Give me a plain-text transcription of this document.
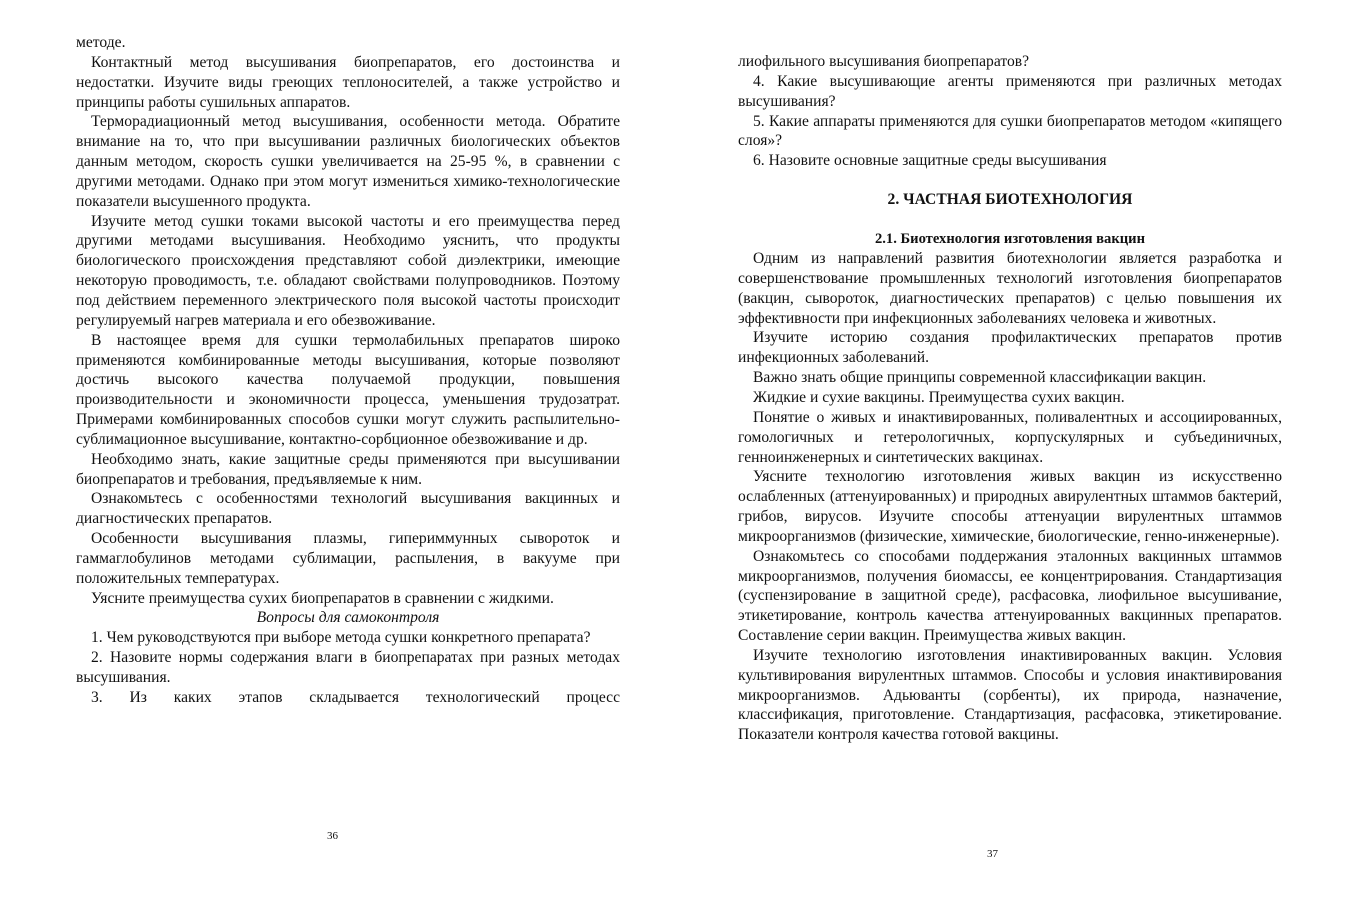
методе.

Контактный метод высушивания биопрепаратов, его достоинства и недостатки. Изучите виды греющих теплоносителей, а также устройство и принципы работы сушильных аппаратов.

Терморадиационный метод высушивания, особенности метода. Обратите внимание на то, что при высушивании различных биологических объектов данным методом, скорость сушки увеличивается на 25-95 %, в сравнении с другими методами. Однако при этом могут измениться химико-технологические показатели высушенного продукта.

Изучите метод сушки токами высокой частоты и его преимущества перед другими методами высушивания. Необходимо уяснить, что продукты биологического происхождения представляют собой диэлектрики, имеющие некоторую проводимость, т.е. обладают свойствами полупроводников. Поэтому под действием переменного электрического поля высокой частоты происходит регулируемый нагрев материала и его обезвоживание.

В настоящее время для сушки термолабильных препаратов широко применяются комбинированные методы высушивания, которые позволяют достичь высокого качества получаемой продукции, повышения производительности и экономичности процесса, уменьшения трудозатрат. Примерами комбинированных способов сушки могут служить распылительно-сублимационное высушивание, контактно-сорбционное обезвоживание и др.

Необходимо знать, какие защитные среды применяются при высушивании биопрепаратов и требования, предъявляемые к ним.

Ознакомьтесь с особенностями технологий высушивания вакцинных и диагностических препаратов.

Особенности высушивания плазмы, гипериммунных сывороток и гаммаглобулинов методами сублимации, распыления, в вакууме при положительных температурах.

Уясните преимущества сухих биопрепаратов в сравнении с жидкими.

Вопросы для самоконтроля

1. Чем руководствуются при выборе метода сушки конкретного препарата?

2. Назовите нормы содержания влаги в биопрепаратах при разных методах высушивания.

3. Из каких этапов складывается технологический процесс

36

лиофильного высушивания биопрепаратов?

4. Какие высушивающие агенты применяются при различных методах высушивания?

5. Какие аппараты применяются для сушки биопрепаратов методом «кипящего слоя»?

6. Назовите основные защитные среды высушивания

2. ЧАСТНАЯ БИОТЕХНОЛОГИЯ

2.1. Биотехнология изготовления вакцин

Одним из направлений развития биотехнологии является разработка и совершенствование промышленных технологий изготовления биопрепаратов (вакцин, сывороток, диагностических препаратов) с целью повышения их эффективности при инфекционных заболеваниях человека и животных.

Изучите историю создания профилактических препаратов против инфекционных заболеваний.

Важно знать общие принципы современной классификации вакцин.

Жидкие и сухие вакцины. Преимущества сухих вакцин.

Понятие о живых и инактивированных, поливалентных и ассоциированных, гомологичных и гетерологичных, корпускулярных и субъединичных, генноинженерных и синтетических вакцинах.

Уясните технологию изготовления живых вакцин из искусственно ослабленных (аттенуированных) и природных авирулентных штаммов бактерий, грибов, вирусов. Изучите способы аттенуации вирулентных штаммов микроорганизмов (физические, химические, биологические, генно-инженерные).

Ознакомьтесь со способами поддержания эталонных вакцинных штаммов микроорганизмов, получения биомассы, ее концентрирования. Стандартизация (суспензирование в защитной среде), расфасовка, лиофильное высушивание, этикетирование, контроль качества аттенуированных вакцинных препаратов. Составление серии вакцин. Преимущества живых вакцин.

Изучите технологию изготовления инактивированных вакцин. Условия культивирования вирулентных штаммов. Способы и условия инактивирования микроорганизмов. Адьюванты (сорбенты), их природа, назначение, классификация, приготовление. Стандартизация, расфасовка, этикетирование. Показатели контроля качества готовой вакцины.

37
